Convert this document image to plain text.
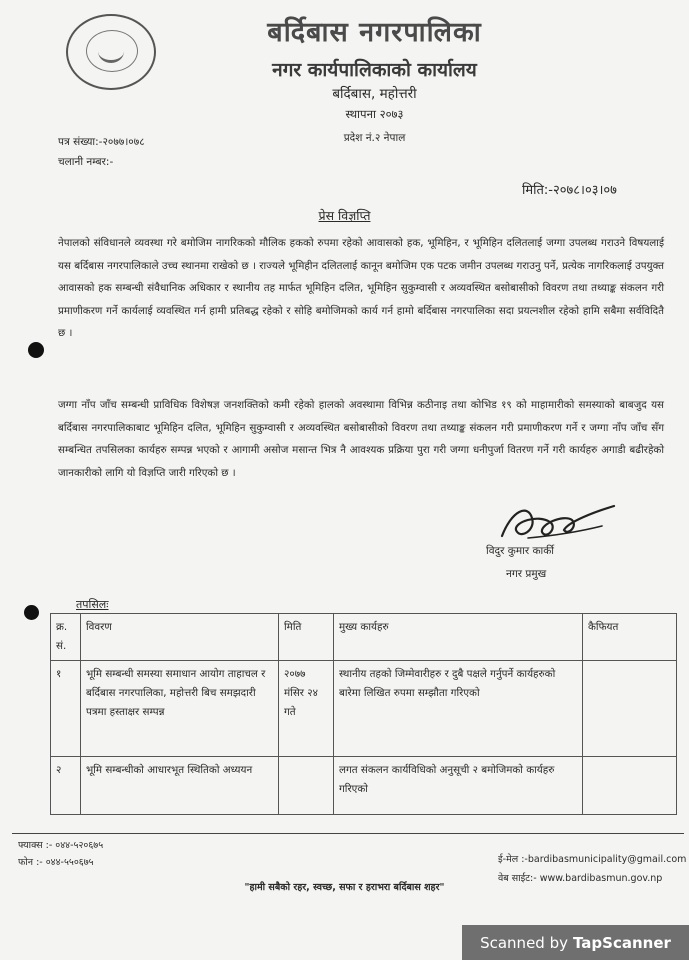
बर्दिबास नगरपालिका
नगर कार्यपालिकाको कार्यालय
बर्दिबास, महोत्तरी
स्थापना २०७३
प्रदेश नं.२ नेपाल
पत्र संख्या:-२०७७।०७८
चलानी नम्बर:-
मिति:-२०७८।०३।०७
प्रेस विज्ञप्ति
नेपालको संविधानले व्यवस्था गरे बमोजिम नागरिकको मौलिक हकको रुपमा रहेको आवासको हक, भूमिहिन, र भूमिहिन दलितलाई जग्गा उपलब्ध गराउने विषयलाई यस बर्दिबास नगरपालिकाले उच्च स्थानमा राखेको छ । राज्यले भूमिहीन दलितलाई कानून बमोजिम एक पटक जमीन उपलब्ध गराउनु पर्ने, प्रत्येक नागरिकलाई उपयुक्त आवासको हक सम्बन्धी संवैधानिक अधिकार र स्थानीय तह मार्फत भूमिहिन दलित, भूमिहिन सुकुम्वासी र अव्यवस्थित बसोबासीको विवरण तथा तथ्याङ्क संकलन गरी प्रमाणीकरण गर्ने कार्यलाई व्यवस्थित गर्न हामी प्रतिबद्ध रहेको र सोहि बमोजिमको कार्य गर्न हामो बर्दिबास नगरपालिका सदा प्रयत्नशील रहेको हामि सबैमा सर्वविदितै छ ।
जग्गा नाँप जाँच सम्बन्धी प्राविधिक विशेषज्ञ जनशक्तिको कमी रहेको हालको अवस्थामा विभिन्न कठीनाइ तथा कोभिड १९ को माहामारीको समस्याको बाबजुद यस बर्दिबास नगरपालिकाबाट भूमिहिन दलित, भूमिहिन सुकुम्वासी र अव्यवस्थित बसोबासीको विवरण तथा तथ्याङ्क संकलन गरी प्रमाणीकरण गर्ने र जग्गा नाँप जाँच सँग सम्बन्धित तपसिलका कार्यहरु सम्पन्न भएको र आगामी असोज मसान्त भित्र नै आवश्यक प्रक्रिया पुरा गरी जग्गा धनीपुर्जा वितरण गर्ने गरी कार्यहरु अगाडी बढीरहेको जानकारीको लागि यो विज्ञप्ति जारी गरिएको छ ।
विदुर कुमार कार्की
नगर प्रमुख
तपसिलः
क्र. सं.	विवरण	मिति	मुख्य कार्यहरु	कैफियत
१	भूमि सम्बन्धी समस्या समाधान आयोग ताहाचल र बर्दिबास नगरपालिका, महोत्तरी बिच समझदारी पत्रमा हस्ताक्षर सम्पन्न	२०७७ मंसिर २४ गते	स्थानीय तहको जिम्मेवारीहरु र दुबै पक्षले गर्नुपर्ने कार्यहरुको बारेमा लिखित रुपमा सम्झौता गरिएको	
२	भूमि सम्बन्धीको आधारभूत स्थितिको अध्ययन		लगत संकलन कार्यविधिको अनुसूची २ बमोजिमको कार्यहरु गरिएको	
फ्याक्स :- ०४४-५२०६७५
फोन :- ०४४-५५०६७५	ई-मेल :-bardibasmunicipality@gmail.com
वेब साईट:- www.bardibasmun.gov.np
"हामी सबैको रहर, स्वच्छ, सफा र हराभरा बर्दिबास शहर"
Scanned by TapScanner
